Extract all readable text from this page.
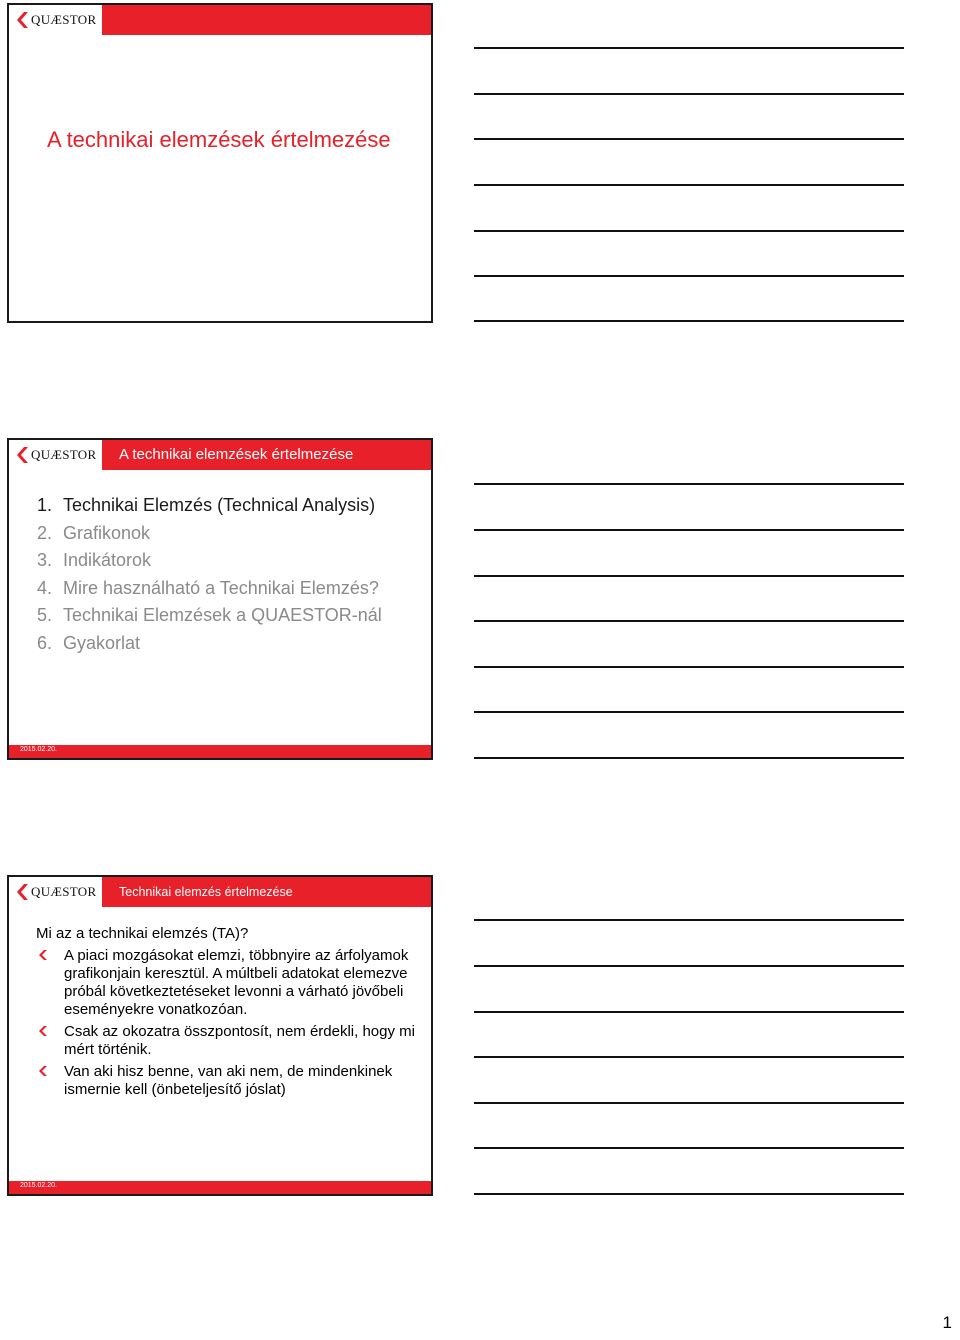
QUÆSTOR
A technikai elemzések értelmezése
QUÆSTOR A technikai elemzések értelmezése
1. Technikai Elemzés (Technical Analysis)
2. Grafikonok
3. Indikátorok
4. Mire használható a Technikai Elemzés?
5. Technikai Elemzések a QUAESTOR-nál
6. Gyakorlat
2015.02.20.
QUÆSTOR Technikai elemzés értelmezése

Mi az a technikai elemzés (TA)?

A piaci mozgásokat elemzi, többnyire az árfolyamok grafikonjain keresztül. A múltbeli adatokat elemezve próbál következtetéseket levonni a várható jövőbeli eseményekre vonatkozóan.
Csak az okozatra összpontosít, nem érdekli, hogy mi mért történik.
Van aki hisz benne, van aki nem, de mindenkinek ismernie kell (önbeteljesítő jóslat)
2015.02.20.
1
